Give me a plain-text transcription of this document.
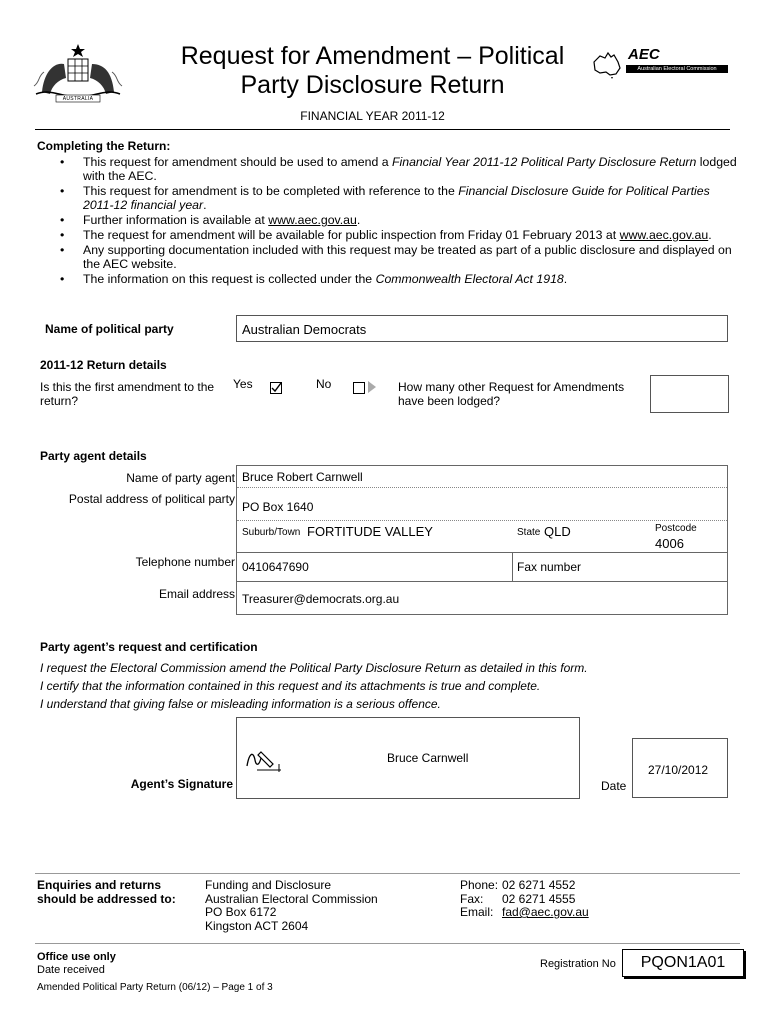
AUSTRALIA
Request for Amendment – Political
Party Disclosure Return
FINANCIAL YEAR 2011-12
AEC
Australian Electoral Commission
Completing the Return:
• This request for amendment should be used to amend a Financial Year 2011-12 Political Party Disclosure Return lodged with the AEC.
• This request for amendment is to be completed with reference to the Financial Disclosure Guide for Political Parties 2011-12 financial year.
• Further information is available at www.aec.gov.au.
• The request for amendment will be available for public inspection from Friday 01 February 2013 at www.aec.gov.au.
• Any supporting documentation included with this request may be treated as part of a public disclosure and displayed on the AEC website.
• The information on this request is collected under the Commonwealth Electoral Act 1918.
Name of political party	Australian Democrats
2011-12 Return details
Is this the first amendment to the return?
Yes	No	How many other Request for Amendments have been lodged?
Party agent details
Name of party agent Bruce Robert Carnwell
Postal address of political party
PO Box 1640
Suburb/Town FORTITUDE VALLEY	State QLD	Postcode
4006
Telephone number 0410647690	Fax number
Email address Treasurer@democrats.org.au
Party agent’s request and certification
I request the Electoral Commission amend the Political Party Disclosure Return as detailed in this form.
I certify that the information contained in this request and its attachments is true and complete.
I understand that giving false or misleading information is a serious offence.
Bruce Carnwell
Agent’s Signature	Date
27/10/2012
Enquiries and returns
should be addressed to:
Funding and Disclosure
Australian Electoral Commission
PO Box 6172
Kingston ACT 2604
Phone: 02 6271 4552
Fax: 02 6271 4555
Email: fad@aec.gov.au
Office use only
Date received	Registration No	PQON1A01
Amended Political Party Return (06/12) – Page 1 of 3
